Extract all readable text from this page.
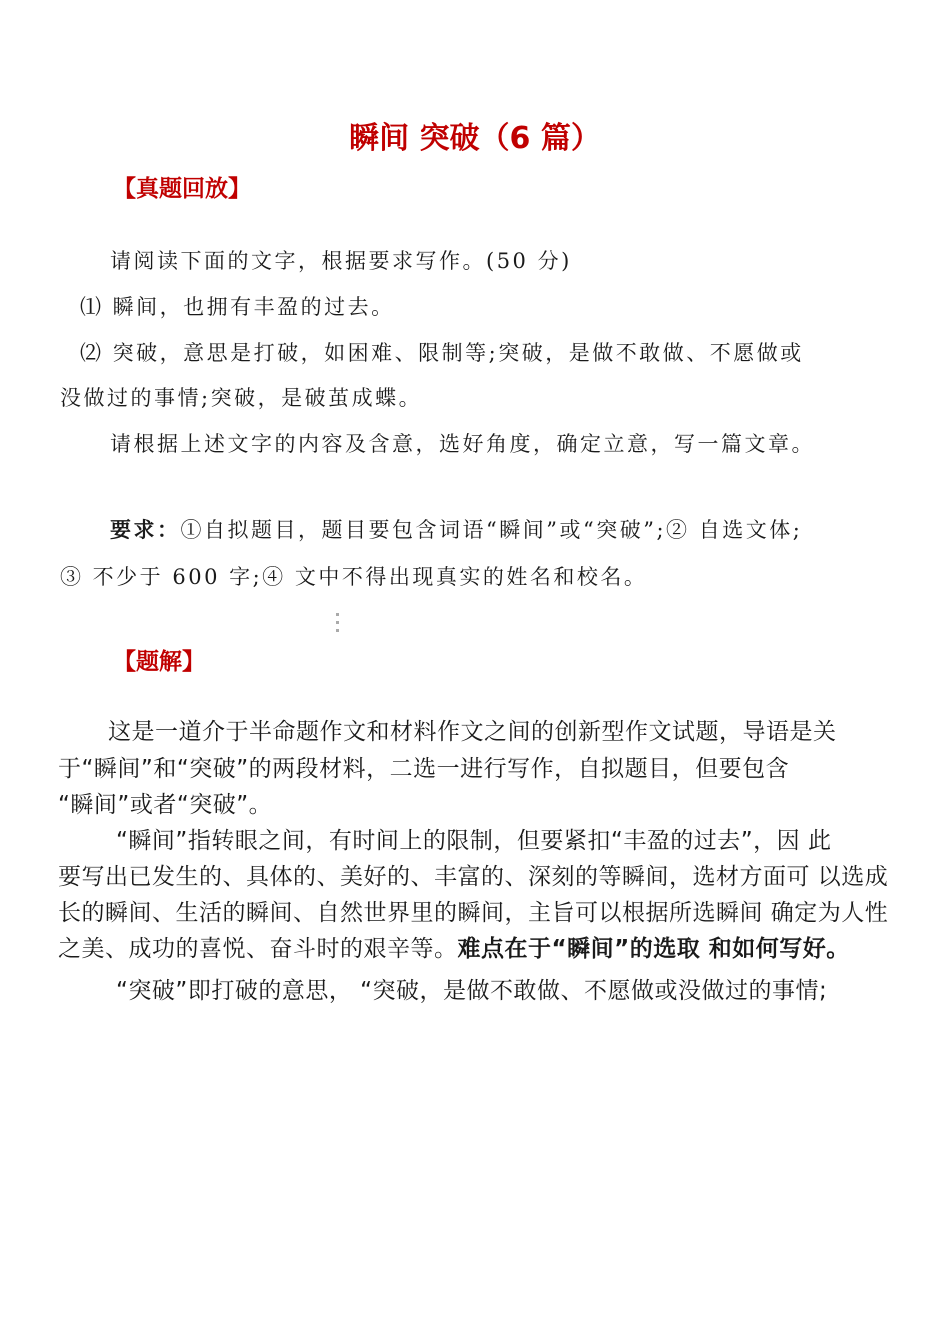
瞬间 突破（6 篇）
【真题回放】
请阅读下面的文字，根据要求写作。(50 分)
⑴ 瞬间，也拥有丰盈的过去。
⑵ 突破，意思是打破，如困难、限制等;突破，是做不敢做、不愿做或
没做过的事情;突破，是破茧成蝶。
请根据上述文字的内容及含意，选好角度，确定立意，写一篇文章。
要求：①自拟题目，题目要包含词语“瞬间”或“突破”;② 自选文体;
③ 不少于 600 字;④ 文中不得出现真实的姓名和校名。
【题解】
这是一道介于半命题作文和材料作文之间的创新型作文试题，导语是关
于“瞬间”和“突破”的两段材料，二选一进行写作，自拟题目，但要包含
“瞬间”或者“突破”。
“瞬间”指转眼之间，有时间上的限制，但要紧扣“丰盈的过去”，因 此
要写出已发生的、具体的、美好的、丰富的、深刻的等瞬间，选材方面可 以选成
长的瞬间、生活的瞬间、自然世界里的瞬间，主旨可以根据所选瞬间 确定为人性
之美、成功的喜悦、奋斗时的艰辛等。难点在于“瞬间”的选取 和如何写好。
“突破”即打破的意思， “突破，是做不敢做、不愿做或没做过的事情;
